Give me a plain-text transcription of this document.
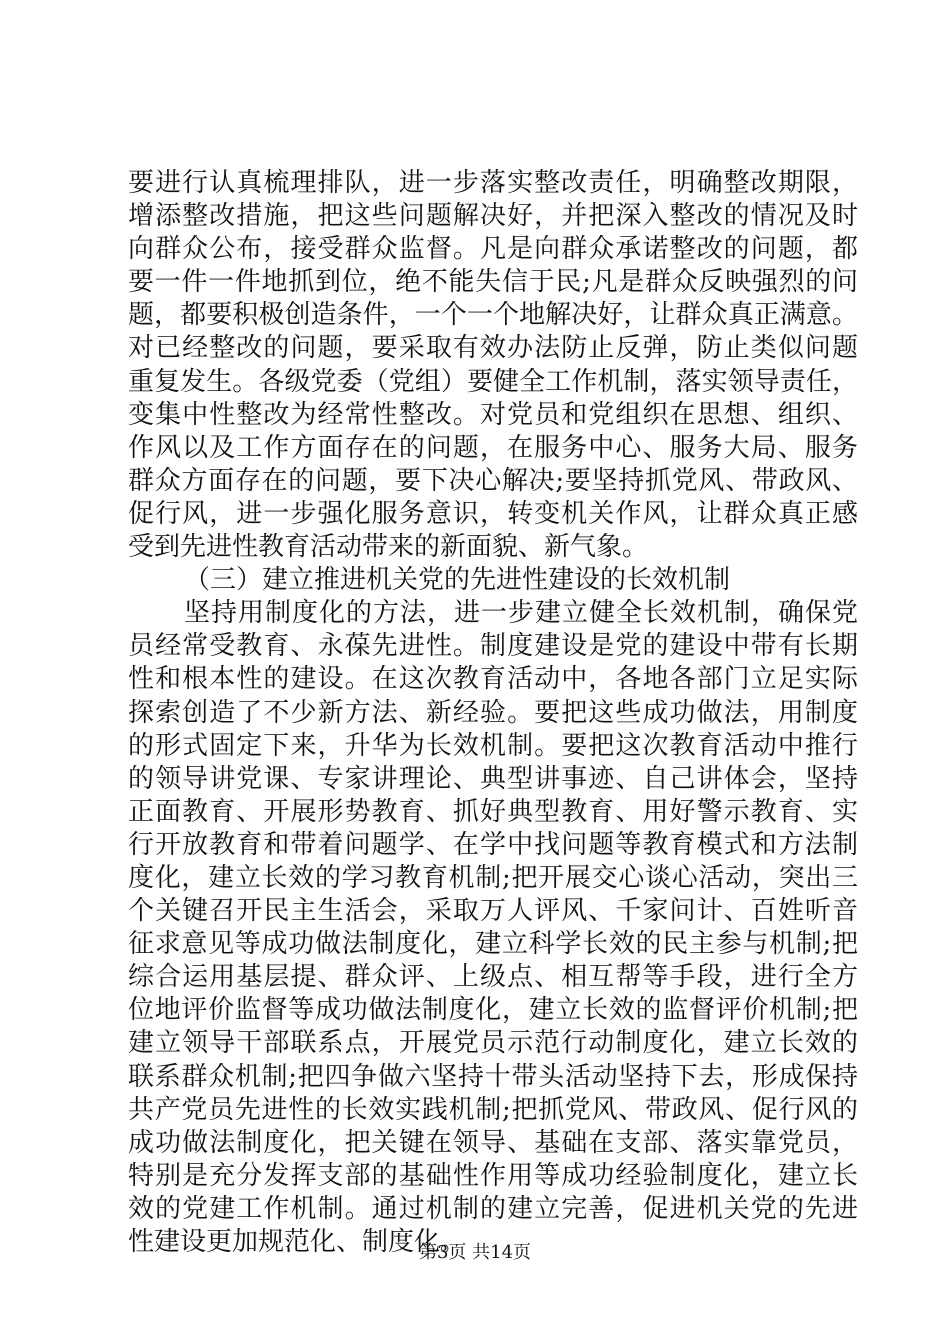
要进行认真梳理排队，进一步落实整改责任，明确整改期限，
增添整改措施，把这些问题解决好，并把深入整改的情况及时
向群众公布，接受群众监督。凡是向群众承诺整改的问题，都
要一件一件地抓到位，绝不能失信于民;凡是群众反映强烈的问
题，都要积极创造条件，一个一个地解决好，让群众真正满意。
对已经整改的问题，要采取有效办法防止反弹，防止类似问题
重复发生。各级党委（党组）要健全工作机制，落实领导责任，
变集中性整改为经常性整改。对党员和党组织在思想、组织、
作风以及工作方面存在的问题，在服务中心、服务大局、服务
群众方面存在的问题，要下决心解决;要坚持抓党风、带政风、
促行风，进一步强化服务意识，转变机关作风，让群众真正感
受到先进性教育活动带来的新面貌、新气象。
（三）建立推进机关党的先进性建设的长效机制
坚持用制度化的方法，进一步建立健全长效机制，确保党
员经常受教育、永葆先进性。制度建设是党的建设中带有长期
性和根本性的建设。在这次教育活动中，各地各部门立足实际
探索创造了不少新方法、新经验。要把这些成功做法，用制度
的形式固定下来，升华为长效机制。要把这次教育活动中推行
的领导讲党课、专家讲理论、典型讲事迹、自己讲体会，坚持
正面教育、开展形势教育、抓好典型教育、用好警示教育、实
行开放教育和带着问题学、在学中找问题等教育模式和方法制
度化，建立长效的学习教育机制;把开展交心谈心活动，突出三
个关键召开民主生活会，采取万人评风、千家问计、百姓听音
征求意见等成功做法制度化，建立科学长效的民主参与机制;把
综合运用基层提、群众评、上级点、相互帮等手段，进行全方
位地评价监督等成功做法制度化，建立长效的监督评价机制;把
建立领导干部联系点，开展党员示范行动制度化，建立长效的
联系群众机制;把四争做六坚持十带头活动坚持下去，形成保持
共产党员先进性的长效实践机制;把抓党风、带政风、促行风的
成功做法制度化，把关键在领导、基础在支部、落实靠党员，
特别是充分发挥支部的基础性作用等成功经验制度化，建立长
效的党建工作机制。通过机制的建立完善，促进机关党的先进
性建设更加规范化、制度化。
第3页 共14页
